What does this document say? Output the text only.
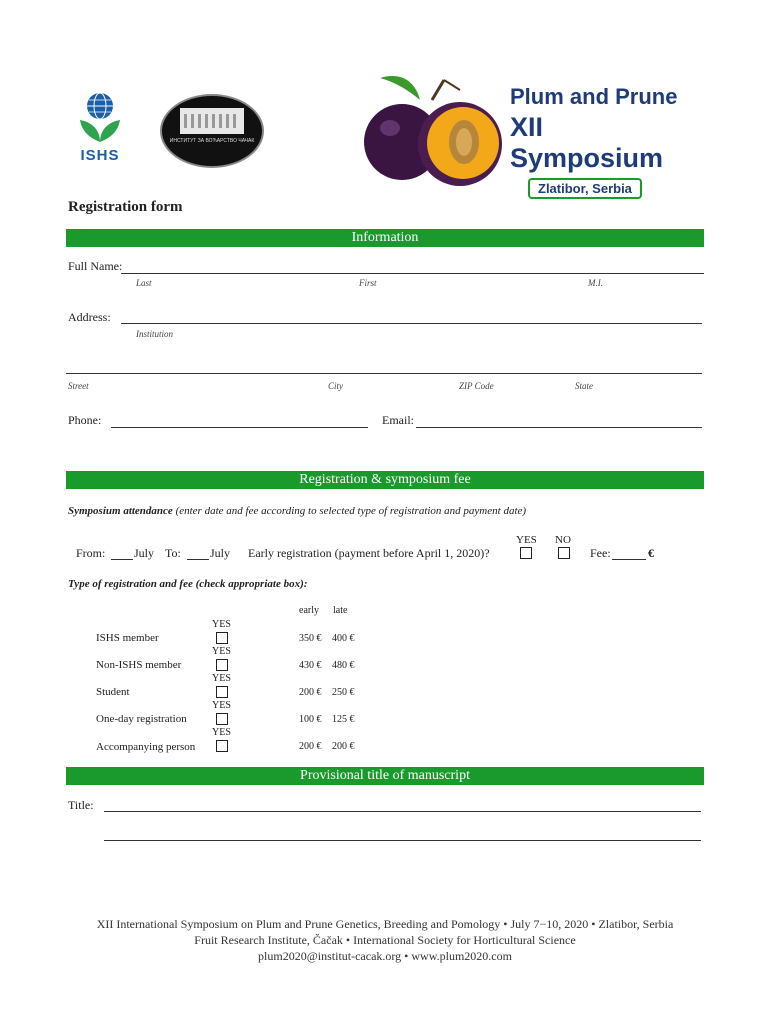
ISHS
ИНСТИТУТ ЗА ВОЋАРСТВО ЧАЧАК
Plum and Prune
XII Symposium
Zlatibor, Serbia
Registration form
Information
Full Name:
Last	First	M.I.
Address:
Institution
Street	City	ZIP Code	State
Phone:	Email:
Registration & symposium fee
Symposium attendance (enter date and fee according to selected type of registration and payment date)
YES NO
From: July To: July Early registration (payment before April 1, 2020)?	Fee:	€
Type of registration and fee (check appropriate box):
early late
YES
ISHS member	350 € 400 €
YES
Non-ISHS member	430 € 480 €
YES
Student	200 € 250 €
YES
One-day registration	100 € 125 €
YES
Accompanying person	200 € 200 €
Provisional title of manuscript
Title:
XII International Symposium on Plum and Prune Genetics, Breeding and Pomology • July 7−10, 2020 • Zlatibor, Serbia
Fruit Research Institute, Čačak • International Society for Horticultural Science
plum2020@institut-cacak.org • www.plum2020.com
